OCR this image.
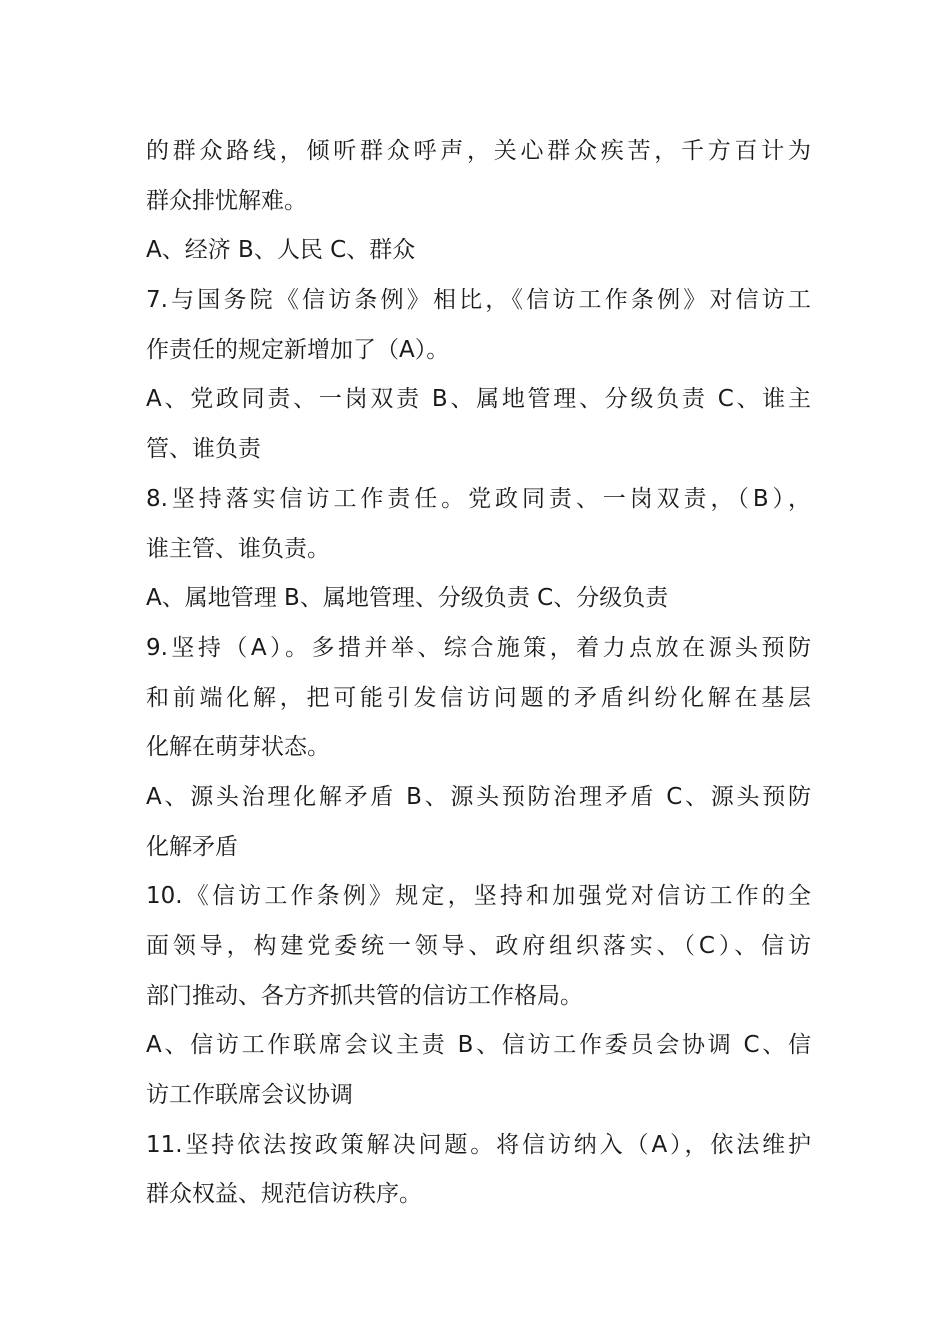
的群众路线，倾听群众呼声，关心群众疾苦，千方百计为
群众排忧解难。
A、经济 B、人民 C、群众
7.与国务院《信访条例》相比，《信访工作条例》对信访工
作责任的规定新增加了（A）。
A、党政同责、一岗双责 B、属地管理、分级负责 C、谁主
管、谁负责
8.坚持落实信访工作责任。党政同责、一岗双责，（B），
谁主管、谁负责。
A、属地管理 B、属地管理、分级负责 C、分级负责
9.坚持（A）。多措并举、综合施策，着力点放在源头预防
和前端化解，把可能引发信访问题的矛盾纠纷化解在基层
化解在萌芽状态。
A、源头治理化解矛盾 B、源头预防治理矛盾 C、源头预防
化解矛盾
10.《信访工作条例》规定，坚持和加强党对信访工作的全
面领导，构建党委统一领导、政府组织落实、（C）、信访
部门推动、各方齐抓共管的信访工作格局。
A、信访工作联席会议主责 B、信访工作委员会协调 C、信
访工作联席会议协调
11.坚持依法按政策解决问题。将信访纳入（A），依法维护
群众权益、规范信访秩序。
